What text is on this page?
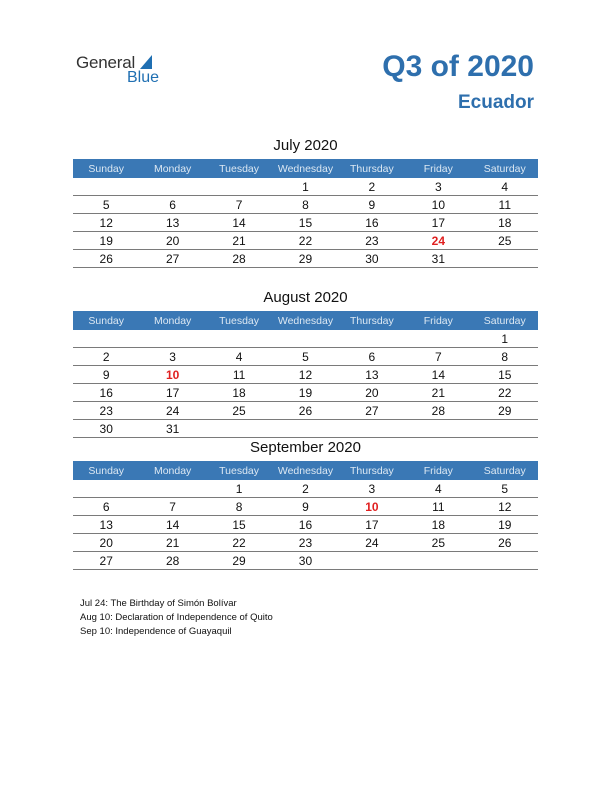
General
Blue	Q3 of 2020
Ecuador
July 2020
Sunday	Monday	Tuesday	Wednesday	Thursday	Friday	Saturday
			1	2	3	4
5	6	7	8	9	10	11
12	13	14	15	16	17	18
19	20	21	22	23	24	25
26	27	28	29	30	31	
August 2020
Sunday	Monday	Tuesday	Wednesday	Thursday	Friday	Saturday
						1
2	3	4	5	6	7	8
9	10	11	12	13	14	15
16	17	18	19	20	21	22
23	24	25	26	27	28	29
30	31					
September 2020
Sunday	Monday	Tuesday	Wednesday	Thursday	Friday	Saturday
		1	2	3	4	5
6	7	8	9	10	11	12
13	14	15	16	17	18	19
20	21	22	23	24	25	26
27	28	29	30			
Jul 24: The Birthday of Simón Bolívar
Aug 10: Declaration of Independence of Quito
Sep 10: Independence of Guayaquil
